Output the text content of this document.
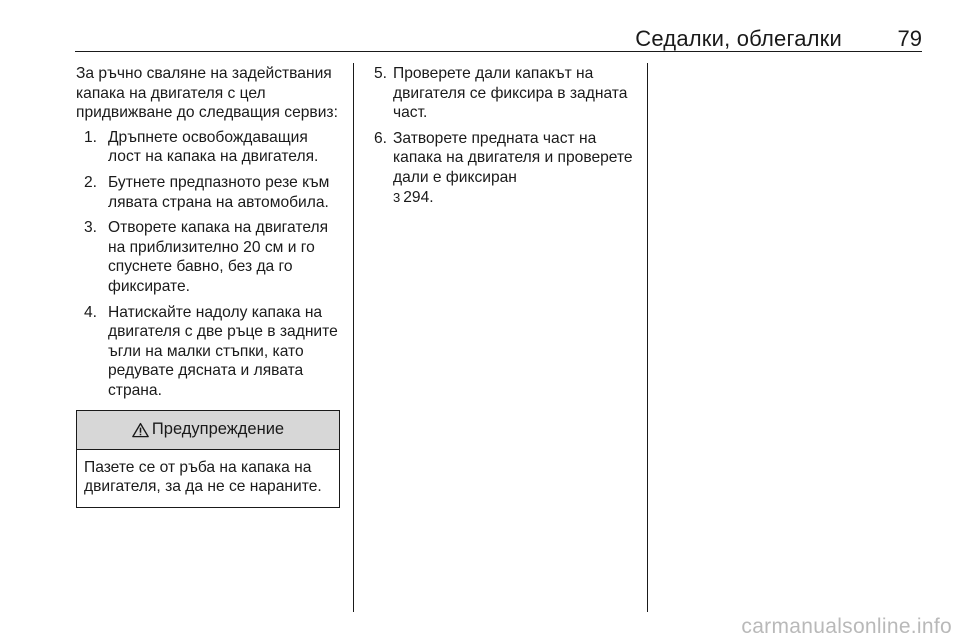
Седалки, облегалки	79

За ръчно сваляне на задействания капака на двигателя с цел придвижване до следващия сервиз:

1. Дръпнете освобождаващия лост на капака на двигателя.
2. Бутнете предпазното резе към лявата страна на автомобила.
3. Отворете капака на двигателя на приблизително 20 см и го спуснете бавно, без да го фиксирате.
4. Натискайте надолу капака на двигателя с две ръце в задните ъгли на малки стъпки, като редувате дясната и лявата страна.
Предупреждение
Пазете се от ръба на капака на двигателя, за да не се нараните.
5. Проверете дали капакът на двигателя се фиксира в задната част.
6. Затворете предната част на капака на двигателя и проверете дали е фиксиран
3 294.
carmanualsonline.info
